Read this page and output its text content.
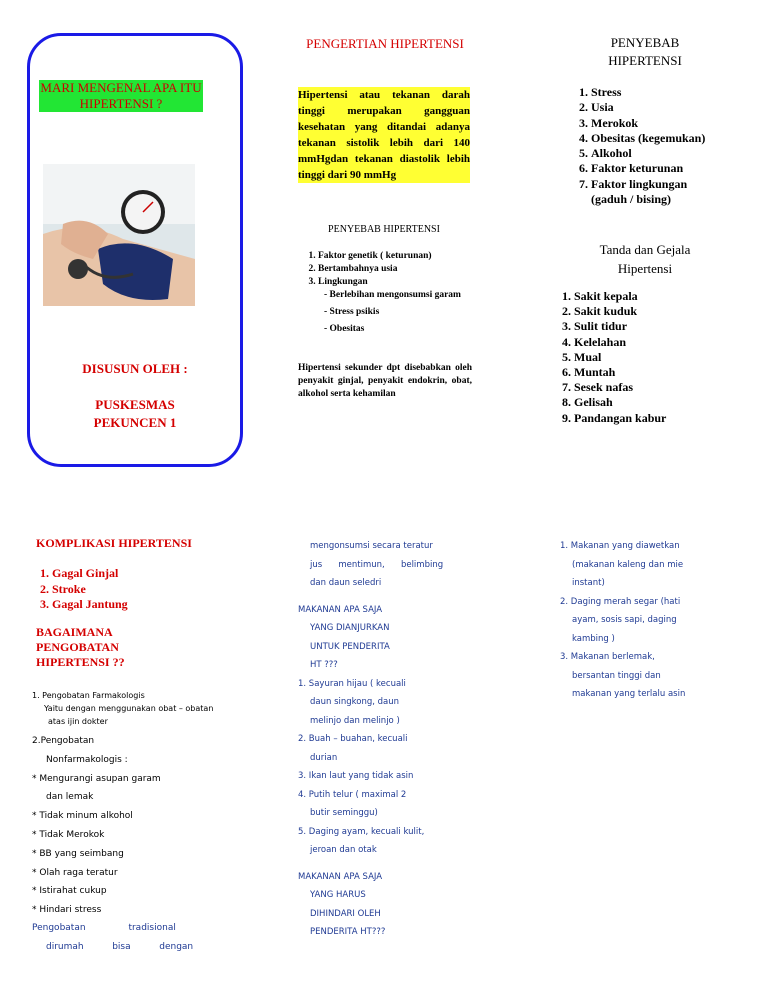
MARI MENGENAL APA ITU HIPERTENSI ?
DISUSUN OLEH :
PUSKESMAS
PEKUNCEN 1
PENGERTIAN HIPERTENSI
Hipertensi atau tekanan darah tinggi merupakan gangguan kesehatan yang ditandai adanya tekanan sistolik lebih dari 140 mmHgdan tekanan diastolik lebih tinggi dari 90 mmHg
PENYEBAB HIPERTENSI
1. Faktor genetik ( keturunan)
2. Bertambahnya usia
3. Lingkungan
- Berlebihan mengonsumsi garam
- Stress psikis
- Obesitas
Hipertensi sekunder dpt disebabkan oleh penyakit ginjal, penyakit endokrin, obat, alkohol serta kehamilan
PENYEBAB HIPERTENSI
1. Stress
2. Usia
3. Merokok
4. Obesitas (kegemukan)
5. Alkohol
6. Faktor keturunan
7. Faktor lingkungan
(gaduh / bising)
Tanda dan Gejala Hipertensi
1. Sakit kepala
2. Sakit kuduk
3. Sulit tidur
4. Kelelahan
5. Mual
6. Muntah
7. Sesek nafas
8. Gelisah
9. Pandangan kabur
KOMPLIKASI HIPERTENSI
1. Gagal Ginjal
2. Stroke
3. Gagal Jantung
BAGAIMANA PENGOBATAN HIPERTENSI ??
1. Pengobatan Farmakologis
Yaitu dengan menggunakan obat – obatan
atas ijin dokter
2.Pengobatan
Nonfarmakologis :
* Mengurangi asupan garam
dan lemak
* Tidak minum alkohol
* Tidak Merokok
* BB yang seimbang
* Olah raga teratur
* Istirahat cukup
* Hindari stress
Pengobatan               tradisional
dirumah          bisa          dengan

mengonsumsi secara teratur

jus      mentimun,      belimbing

dan daun seledri

MAKANAN APA SAJA

YANG DIANJURKAN

UNTUK PENDERITA

HT ???

1. Sayuran hijau ( kecuali

daun singkong, daun

melinjo dan melinjo )

2. Buah – buahan, kecuali

durian

3. Ikan laut yang tidak asin

4. Putih telur ( maximal 2

butir seminggu)

5. Daging ayam, kecuali kulit,

jeroan dan otak

MAKANAN APA SAJA

YANG HARUS

DIHINDARI OLEH

PENDERITA HT???

1. Makanan yang diawetkan

(makanan kaleng dan mie

instant)

2. Daging merah segar (hati

ayam, sosis sapi, daging

kambing )

3. Makanan berlemak,

bersantan tinggi dan

makanan yang terlalu asin
